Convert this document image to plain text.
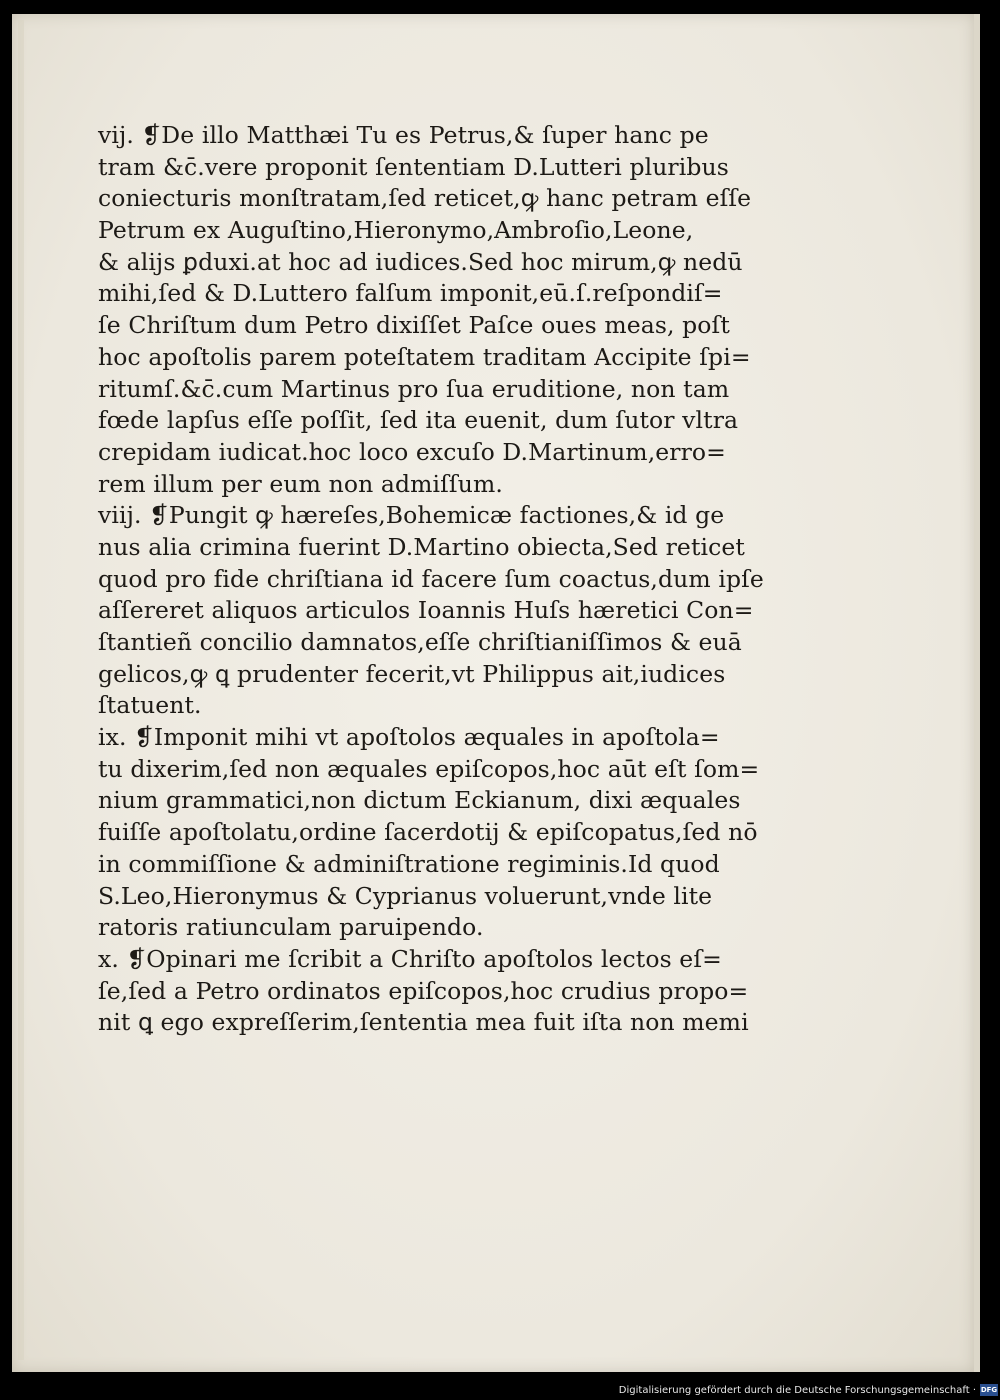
vij. ❡De illo Matthæi Tu es Petrus,& ſuper hanc pe
tram &c̄.vere proponit ſententiam D.Lutteri pluribus
coniecturis monſtratam,ſed reticet,ꝙ hanc petram eſſe
Petrum ex Auguſtino,Hieronymo,Ambroſio,Leone,
& alijs ꝑduxi.at hoc ad iudices.Sed hoc mirum,ꝙ nedū
mihi,ſed & D.Luttero falſum imponit,eū.ſ.reſpondiſ=
ſe Chriſtum dum Petro dixiſſet Paſce oues meas, poſt
hoc apoſtolis parem poteſtatem traditam Accipite ſpi=
ritumſ.&c̄.cum Martinus pro ſua eruditione, non tam
fœde lapſus eſſe poſſit, ſed ita euenit, dum ſutor vltra
crepidam iudicat.hoc loco excuſo D.Martinum,erro=
rem illum per eum non admiſſum.
viij. ❡Pungit ꝙ hæreſes,Bohemicæ factiones,& id ge
nus alia crimina fuerint D.Martino obiecta,Sed reticet
quod pro fide chriſtiana id facere ſum coactus,dum ipſe
aſſereret aliquos articulos Ioannis Huſs hæretici Con=
ſtantieñ concilio damnatos,eſſe chriſtianiſſimos & euā
gelicos,ꝙ ꝗ prudenter fecerit,vt Philippus ait,iudices
ſtatuent.
ix. ❡Imponit mihi vt apoſtolos æquales in apoſtola=
tu dixerim,ſed non æquales epiſcopos,hoc aūt eſt ſom=
nium grammatici,non dictum Eckianum, dixi æquales
fuiſſe apoſtolatu,ordine ſacerdotij & epiſcopatus,ſed nō
in commiſſione & adminiſtratione regiminis.Id quod
S.Leo,Hieronymus & Cyprianus voluerunt,vnde lite
ratoris ratiunculam paruipendo.
x. ❡Opinari me ſcribit a Chriſto apoſtolos lectos eſ=
ſe,ſed a Petro ordinatos epiſcopos,hoc crudius propo=
nit ꝗ ego expreſſerim,ſententia mea fuit iſta non memi
Digitalisierung gefördert durch die Deutsche Forschungsgemeinschaft · DFG
